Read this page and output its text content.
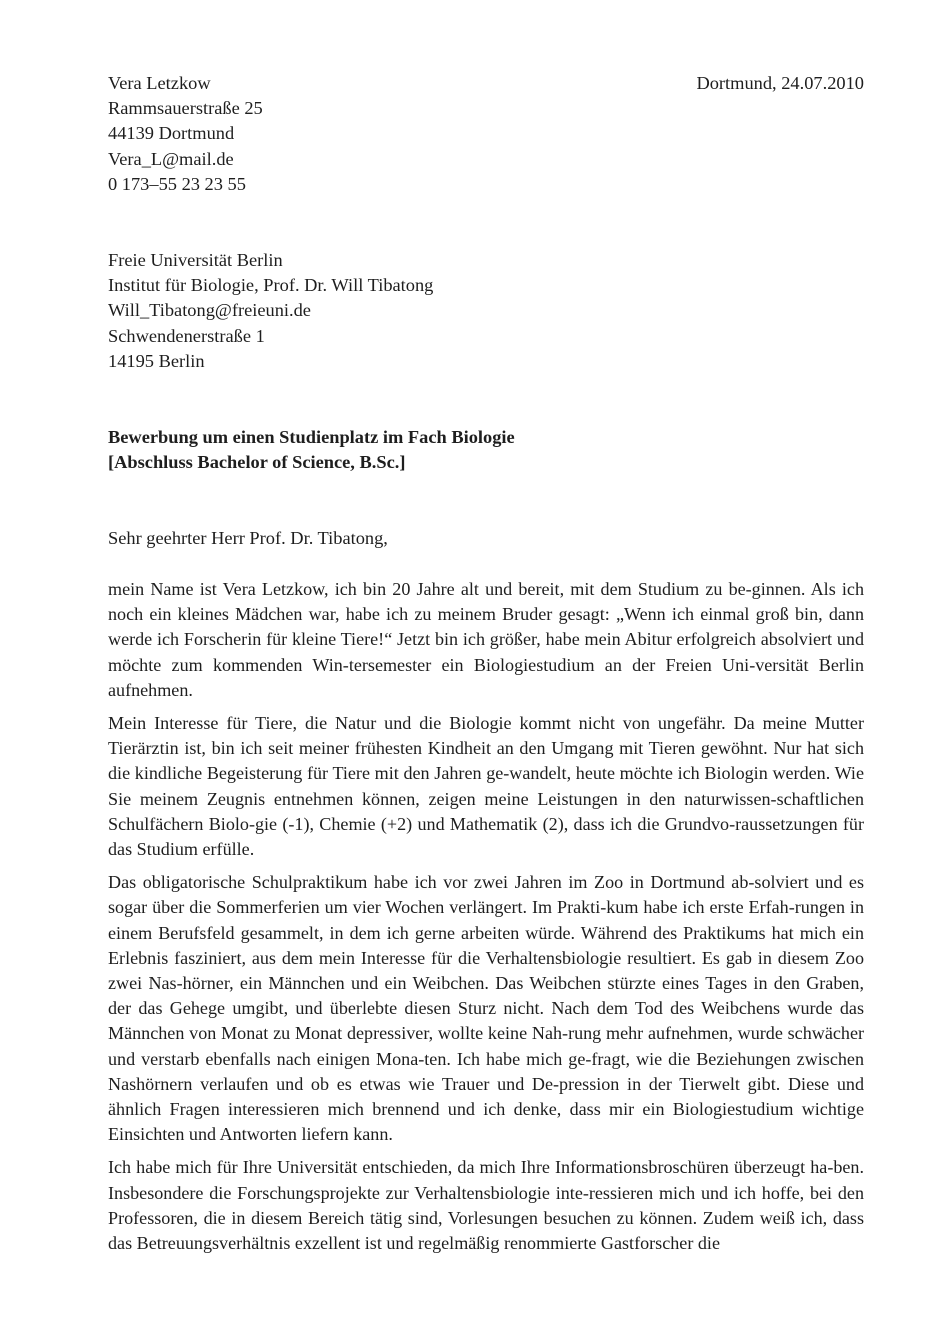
Vera Letzkow
Rammsauerstraße 25
44139 Dortmund
Vera_L@mail.de
0 173–55 23 23 55
Dortmund, 24.07.2010
Freie Universität Berlin
Institut für Biologie, Prof. Dr. Will Tibatong
Will_Tibatong@freieuni.de
Schwendenerstraße 1
14195 Berlin
Bewerbung um einen Studienplatz im Fach Biologie
[Abschluss Bachelor of Science, B.Sc.]
Sehr geehrter Herr Prof. Dr. Tibatong,

mein Name ist Vera Letzkow, ich bin 20 Jahre alt und bereit, mit dem Studium zu be-ginnen. Als ich noch ein kleines Mädchen war, habe ich zu meinem Bruder gesagt: „Wenn ich einmal groß bin, dann werde ich Forscherin für kleine Tiere!“ Jetzt bin ich größer, habe mein Abitur erfolgreich absolviert und möchte zum kommenden Win-tersemester ein Biologiestudium an der Freien Uni-versität Berlin aufnehmen.

Mein Interesse für Tiere, die Natur und die Biologie kommt nicht von ungefähr. Da meine Mutter Tierärztin ist, bin ich seit meiner frühesten Kindheit an den Umgang mit Tieren gewöhnt. Nur hat sich die kindliche Begeisterung für Tiere mit den Jahren ge-wandelt, heute möchte ich Biologin werden. Wie Sie meinem Zeugnis entnehmen können, zeigen meine Leistungen in den naturwissen-schaftlichen Schulfächern Biolo-gie (-1), Chemie (+2) und Mathematik (2), dass ich die Grundvo-raussetzungen für das Studium erfülle.

Das obligatorische Schulpraktikum habe ich vor zwei Jahren im Zoo in Dortmund ab-solviert und es sogar über die Sommerferien um vier Wochen verlängert. Im Prakti-kum habe ich erste Erfah-rungen in einem Berufsfeld gesammelt, in dem ich gerne arbeiten würde. Während des Praktikums hat mich ein Erlebnis fasziniert, aus dem mein Interesse für die Verhaltensbiologie resultiert. Es gab in diesem Zoo zwei Nas-hörner, ein Männchen und ein Weibchen. Das Weibchen stürzte eines Tages in den Graben, der das Gehege umgibt, und überlebte diesen Sturz nicht. Nach dem Tod des Weibchens wurde das Männchen von Monat zu Monat depressiver, wollte keine Nah-rung mehr aufnehmen, wurde schwächer und verstarb ebenfalls nach einigen Mona-ten. Ich habe mich ge-fragt, wie die Beziehungen zwischen Nashörnern verlaufen und ob es etwas wie Trauer und De-pression in der Tierwelt gibt. Diese und ähnlich Fragen interessieren mich brennend und ich denke, dass mir ein Biologiestudium wichtige Einsichten und Antworten liefern kann.

Ich habe mich für Ihre Universität entschieden, da mich Ihre Informationsbroschüren überzeugt ha-ben. Insbesondere die Forschungsprojekte zur Verhaltensbiologie inte-ressieren mich und ich hoffe, bei den Professoren, die in diesem Bereich tätig sind, Vorlesungen besuchen zu können. Zudem weiß ich, dass das Betreuungsverhältnis exzellent ist und regelmäßig renommierte Gastforscher die
